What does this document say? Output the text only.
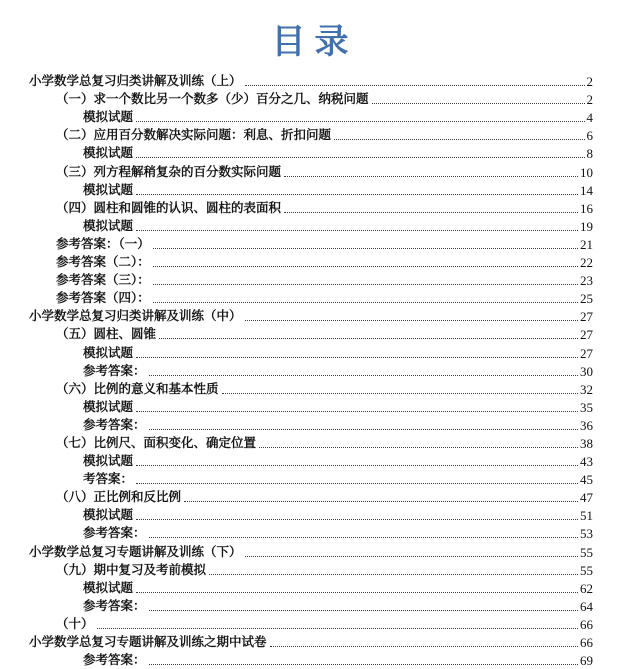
目录
小学数学总复习归类讲解及训练（上）	2
（一）求一个数比另一个数多（少）百分之几、纳税问题	2
模拟试题	4
（二）应用百分数解决实际问题：利息、折扣问题	6
模拟试题	8
（三）列方程解稍复杂的百分数实际问题	10
模拟试题	14
（四）圆柱和圆锥的认识、圆柱的表面积	16
模拟试题	19
参考答案：（一）	21
参考答案（二）：	22
参考答案（三）：	23
参考答案（四）：	25
小学数学总复习归类讲解及训练（中）	27
（五）圆柱、圆锥	27
模拟试题	27
参考答案：	30
（六）比例的意义和基本性质	32
模拟试题	35
参考答案：	36
（七）比例尺、面积变化、确定位置	38
模拟试题	43
考答案：	45
（八）正比例和反比例	47
模拟试题	51
参考答案：	53
小学数学总复习专题讲解及训练（下）	55
（九）期中复习及考前模拟	55
模拟试题	62
参考答案：	64
（十）	66
小学数学总复习专题讲解及训练之期中试卷	66
参考答案：	69
